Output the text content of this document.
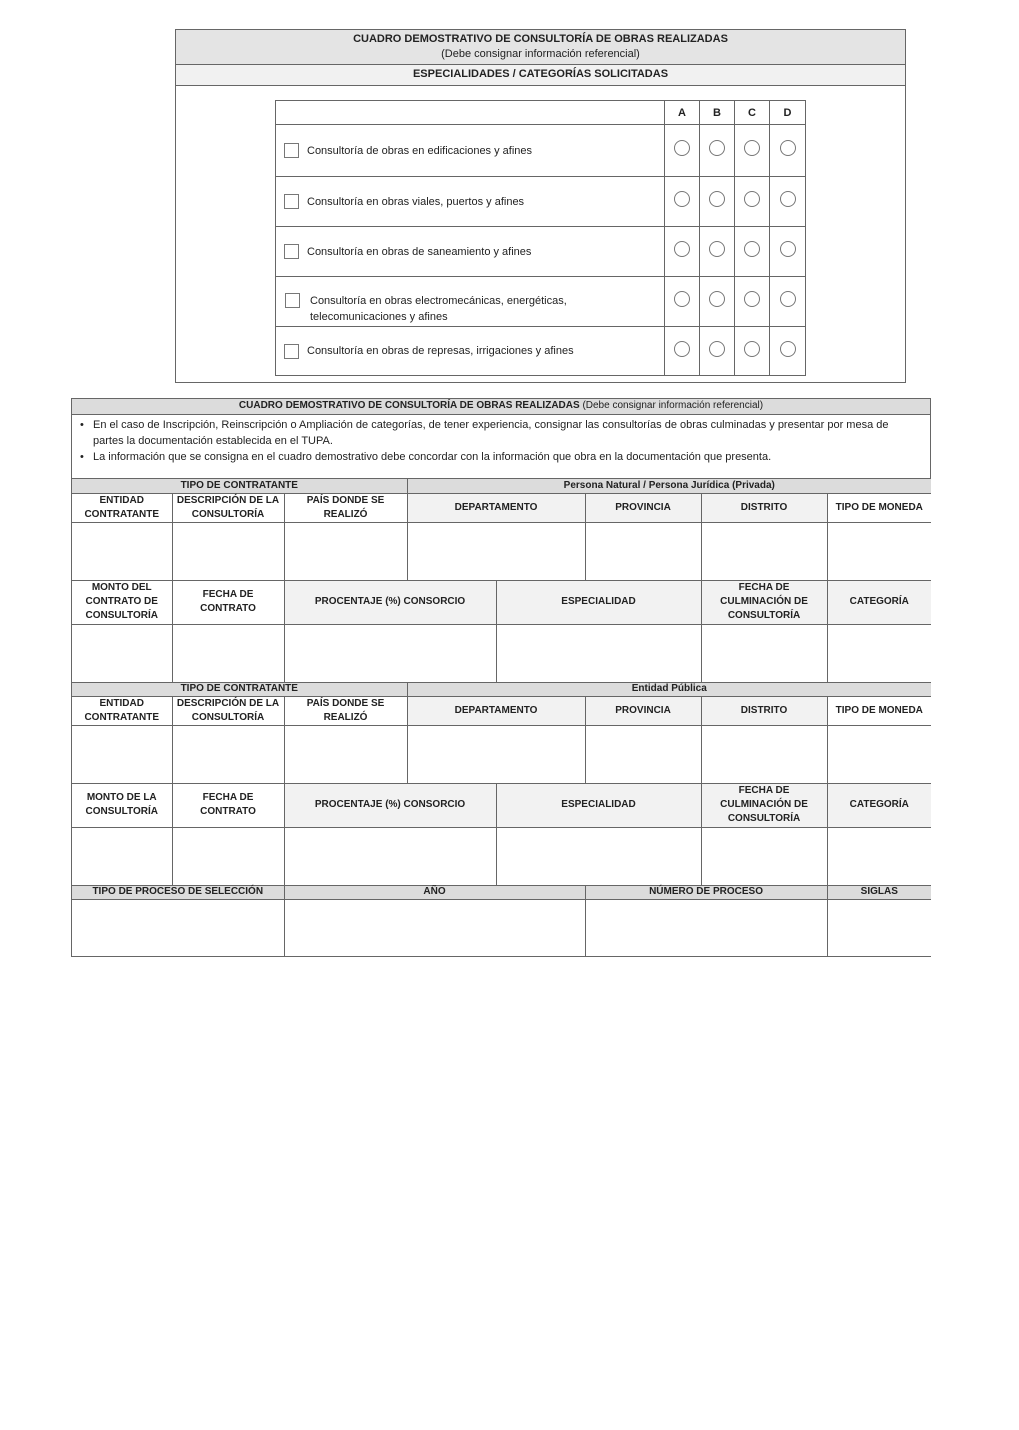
CUADRO DEMOSTRATIVO DE CONSULTORÍA DE OBRAS REALIZADAS
(Debe consignar información referencial)
ESPECIALIDADES / CATEGORÍAS SOLICITADAS
	A	B	C	D
Consultoría de obras en edificaciones y afines				
Consultoría en obras viales, puertos y afines				
Consultoría en obras de saneamiento y afines				

Consultoría en obras electromecánicas, energéticas, telecomunicaciones y afines				

Consultoría en obras de represas, irrigaciones y afines				
CUADRO DEMOSTRATIVO DE CONSULTORÍA DE OBRAS REALIZADAS (Debe consignar información referencial)
• En el caso de Inscripción, Reinscripción o Ampliación de categorías, de tener experiencia, consignar las consultorías de obras culminadas y presentar por mesa de partes la documentación establecida en el TUPA.
• La información que se consigna en el cuadro demostrativo debe concordar con la información que obra en la documentación que presenta.
TIPO DE CONTRATANTE			Persona Natural / Persona Jurídica (Privada)				
ENTIDAD CONTRATANTE	DESCRIPCIÓN DE LA CONSULTORÍA	PAÍS DONDE SE REALIZÓ	DEPARTAMENTO		PROVINCIA	DISTRITO	TIPO DE MONEDA

MONTO DEL CONTRATO DE CONSULTORÍA	FECHA DE CONTRATO	PROCENTAJE (%) CONSORCIO		ESPECIALIDAD		FECHA DE CULMINACIÓN DE CONSULTORÍA	CATEGORÍA

TIPO DE CONTRATANTE			Entidad Pública				
ENTIDAD CONTRATANTE	DESCRIPCIÓN DE LA CONSULTORÍA	PAÍS DONDE SE REALIZÓ	DEPARTAMENTO		PROVINCIA	DISTRITO	TIPO DE MONEDA

MONTO DE LA CONSULTORÍA	FECHA DE CONTRATO	PROCENTAJE (%) CONSORCIO		ESPECIALIDAD		FECHA DE CULMINACIÓN DE CONSULTORÍA	CATEGORÍA

TIPO DE PROCESO DE SELECCIÓN		AÑO			NÚMERO DE PROCESO		SIGLAS
